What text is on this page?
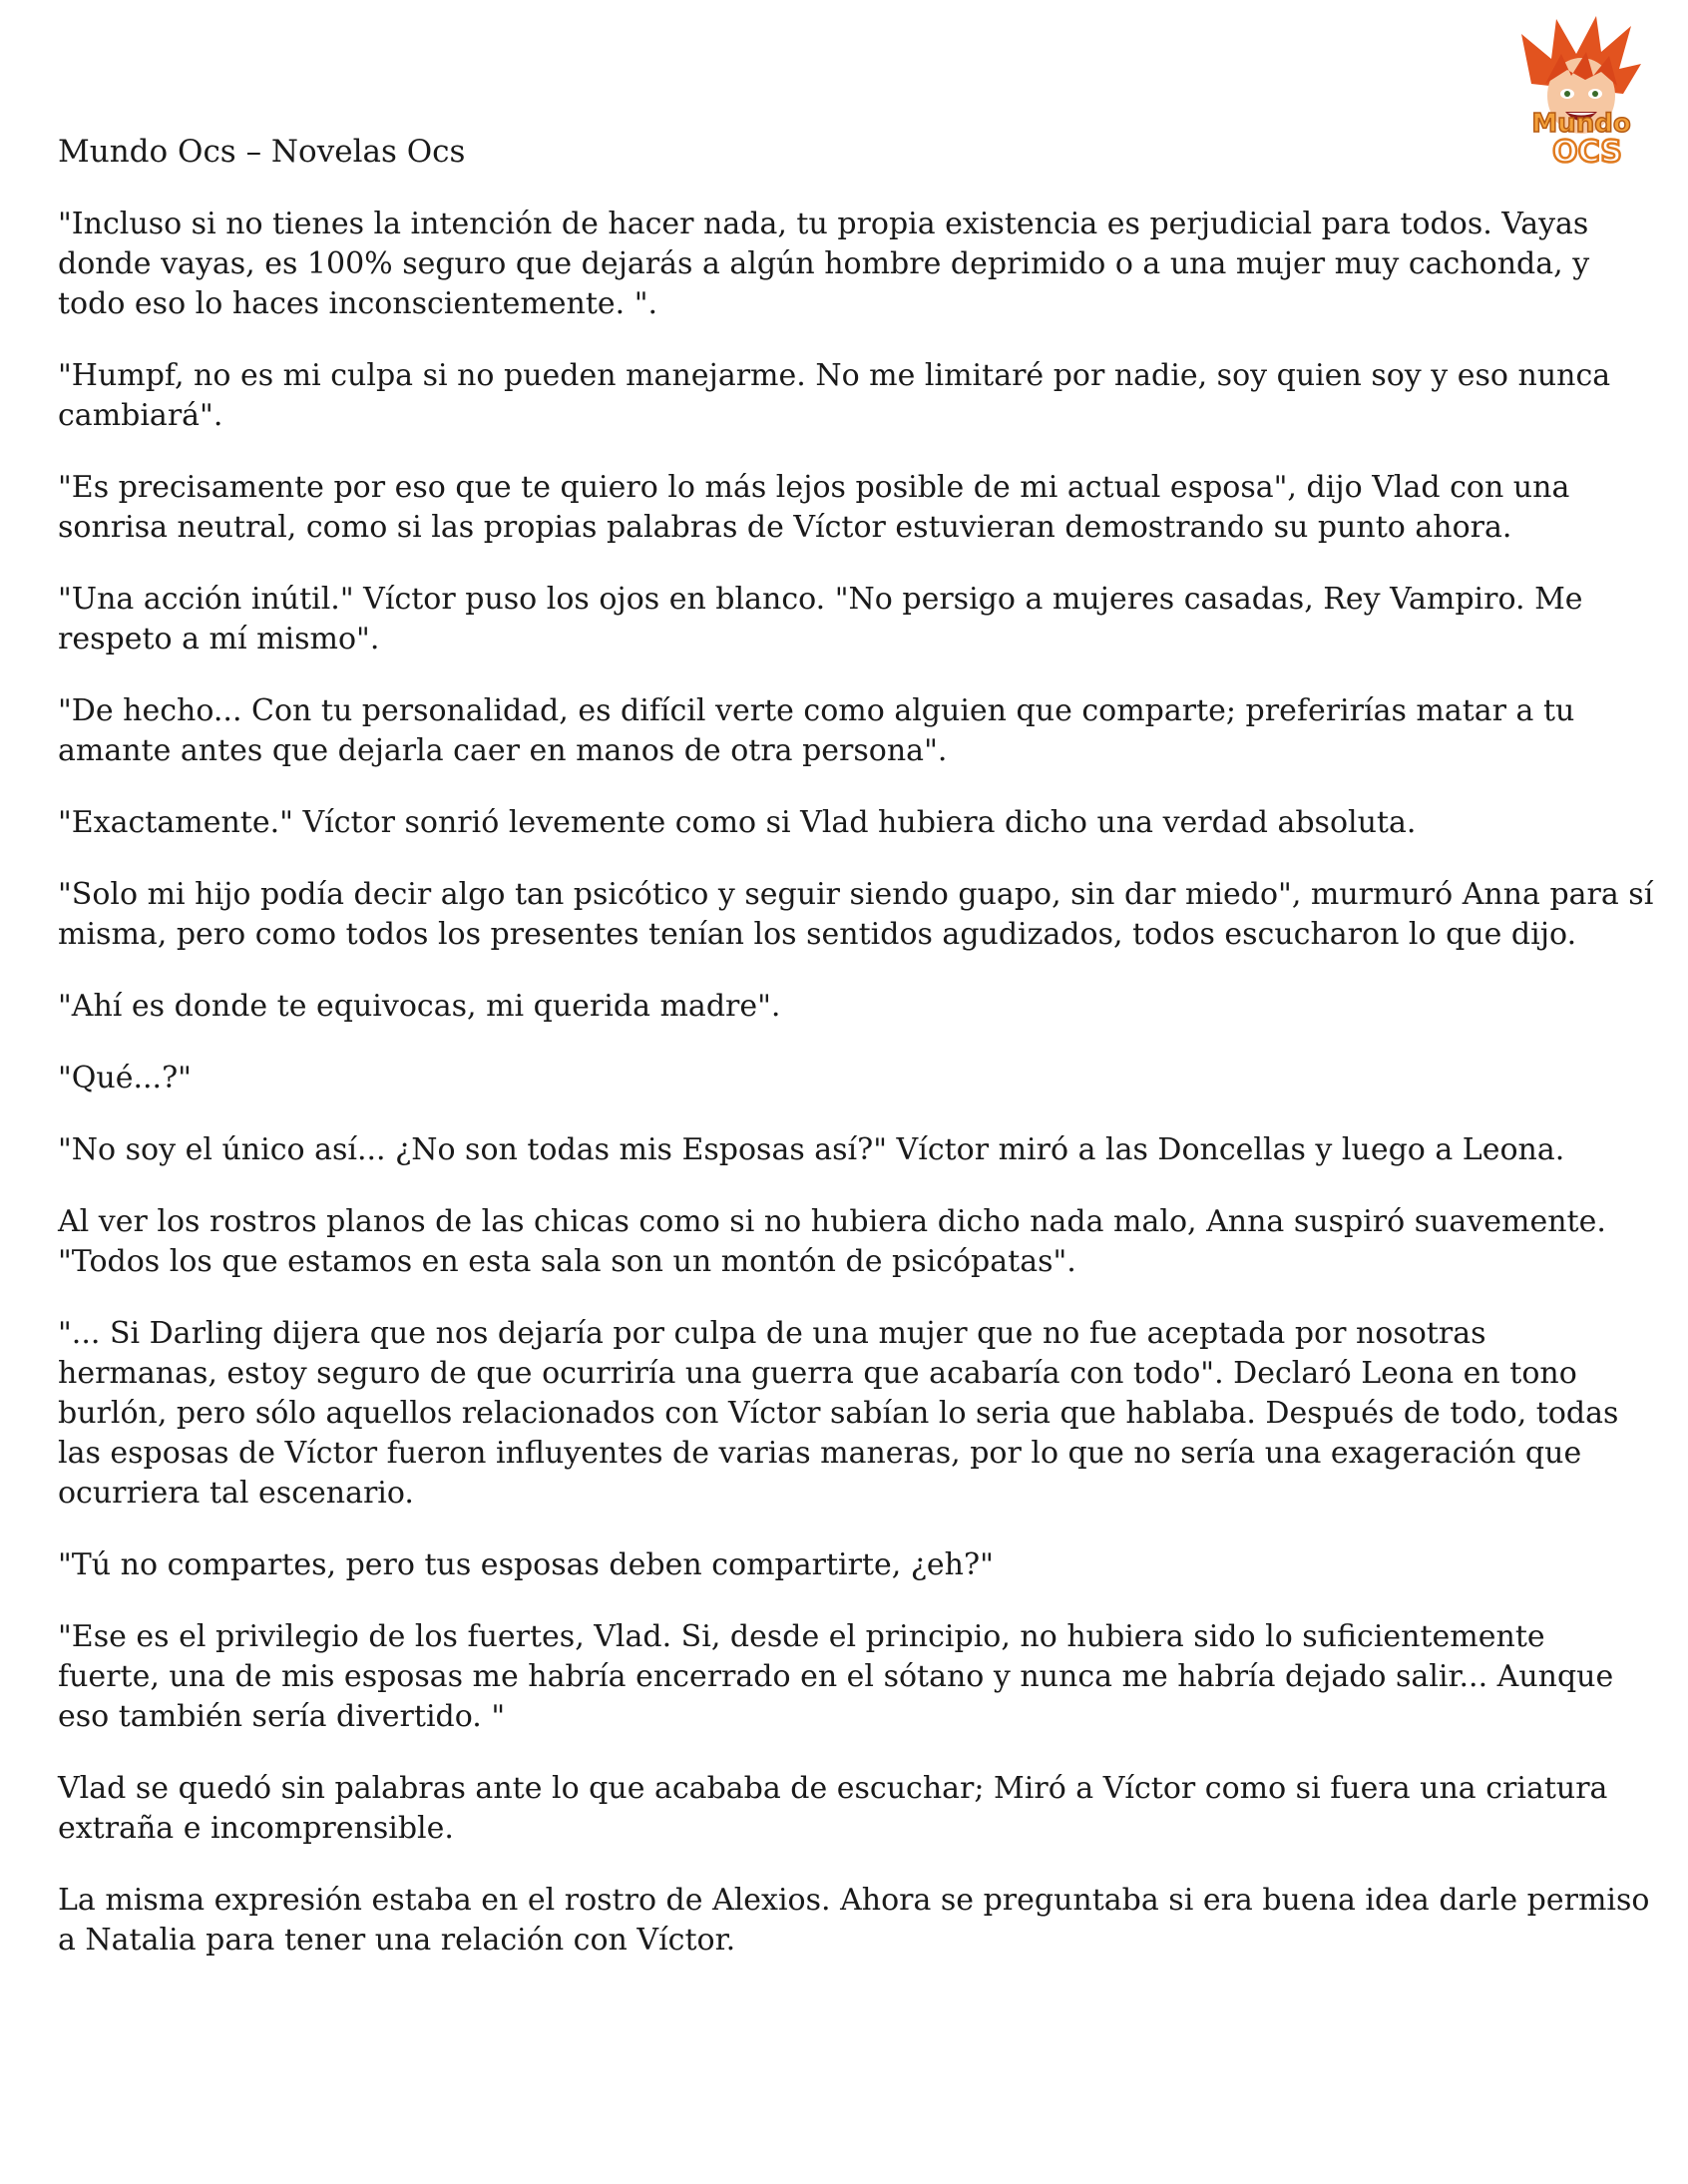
Mundo
OCS
Mundo Ocs – Novelas Ocs

"Incluso si no tienes la intención de hacer nada, tu propia existencia es perjudicial para todos. Vayas donde vayas, es 100% seguro que dejarás a algún hombre deprimido o a una mujer muy cachonda, y todo eso lo haces inconscientemente. ".

"Humpf, no es mi culpa si no pueden manejarme. No me limitaré por nadie, soy quien soy y eso nunca cambiará".

"Es precisamente por eso que te quiero lo más lejos posible de mi actual esposa", dijo Vlad con una sonrisa neutral, como si las propias palabras de Víctor estuvieran demostrando su punto ahora.

"Una acción inútil." Víctor puso los ojos en blanco. "No persigo a mujeres casadas, Rey Vampiro. Me respeto a mí mismo".

"De hecho... Con tu personalidad, es difícil verte como alguien que comparte; preferirías matar a tu amante antes que dejarla caer en manos de otra persona".

"Exactamente." Víctor sonrió levemente como si Vlad hubiera dicho una verdad absoluta.

"Solo mi hijo podía decir algo tan psicótico y seguir siendo guapo, sin dar miedo", murmuró Anna para sí misma, pero como todos los presentes tenían los sentidos agudizados, todos escucharon lo que dijo.

"Ahí es donde te equivocas, mi querida madre".

"Qué...?"

"No soy el único así... ¿No son todas mis Esposas así?" Víctor miró a las Doncellas y luego a Leona.

Al ver los rostros planos de las chicas como si no hubiera dicho nada malo, Anna suspiró suavemente. "Todos los que estamos en esta sala son un montón de psicópatas".

"... Si Darling dijera que nos dejaría por culpa de una mujer que no fue aceptada por nosotras hermanas, estoy seguro de que ocurriría una guerra que acabaría con todo". Declaró Leona en tono burlón, pero sólo aquellos relacionados con Víctor sabían lo seria que hablaba. Después de todo, todas las esposas de Víctor fueron influyentes de varias maneras, por lo que no sería una exageración que ocurriera tal escenario.

"Tú no compartes, pero tus esposas deben compartirte, ¿eh?"

"Ese es el privilegio de los fuertes, Vlad. Si, desde el principio, no hubiera sido lo suficientemente fuerte, una de mis esposas me habría encerrado en el sótano y nunca me habría dejado salir... Aunque eso también sería divertido. "

Vlad se quedó sin palabras ante lo que acababa de escuchar; Miró a Víctor como si fuera una criatura extraña e incomprensible.

La misma expresión estaba en el rostro de Alexios. Ahora se preguntaba si era buena idea darle permiso a Natalia para tener una relación con Víctor.
